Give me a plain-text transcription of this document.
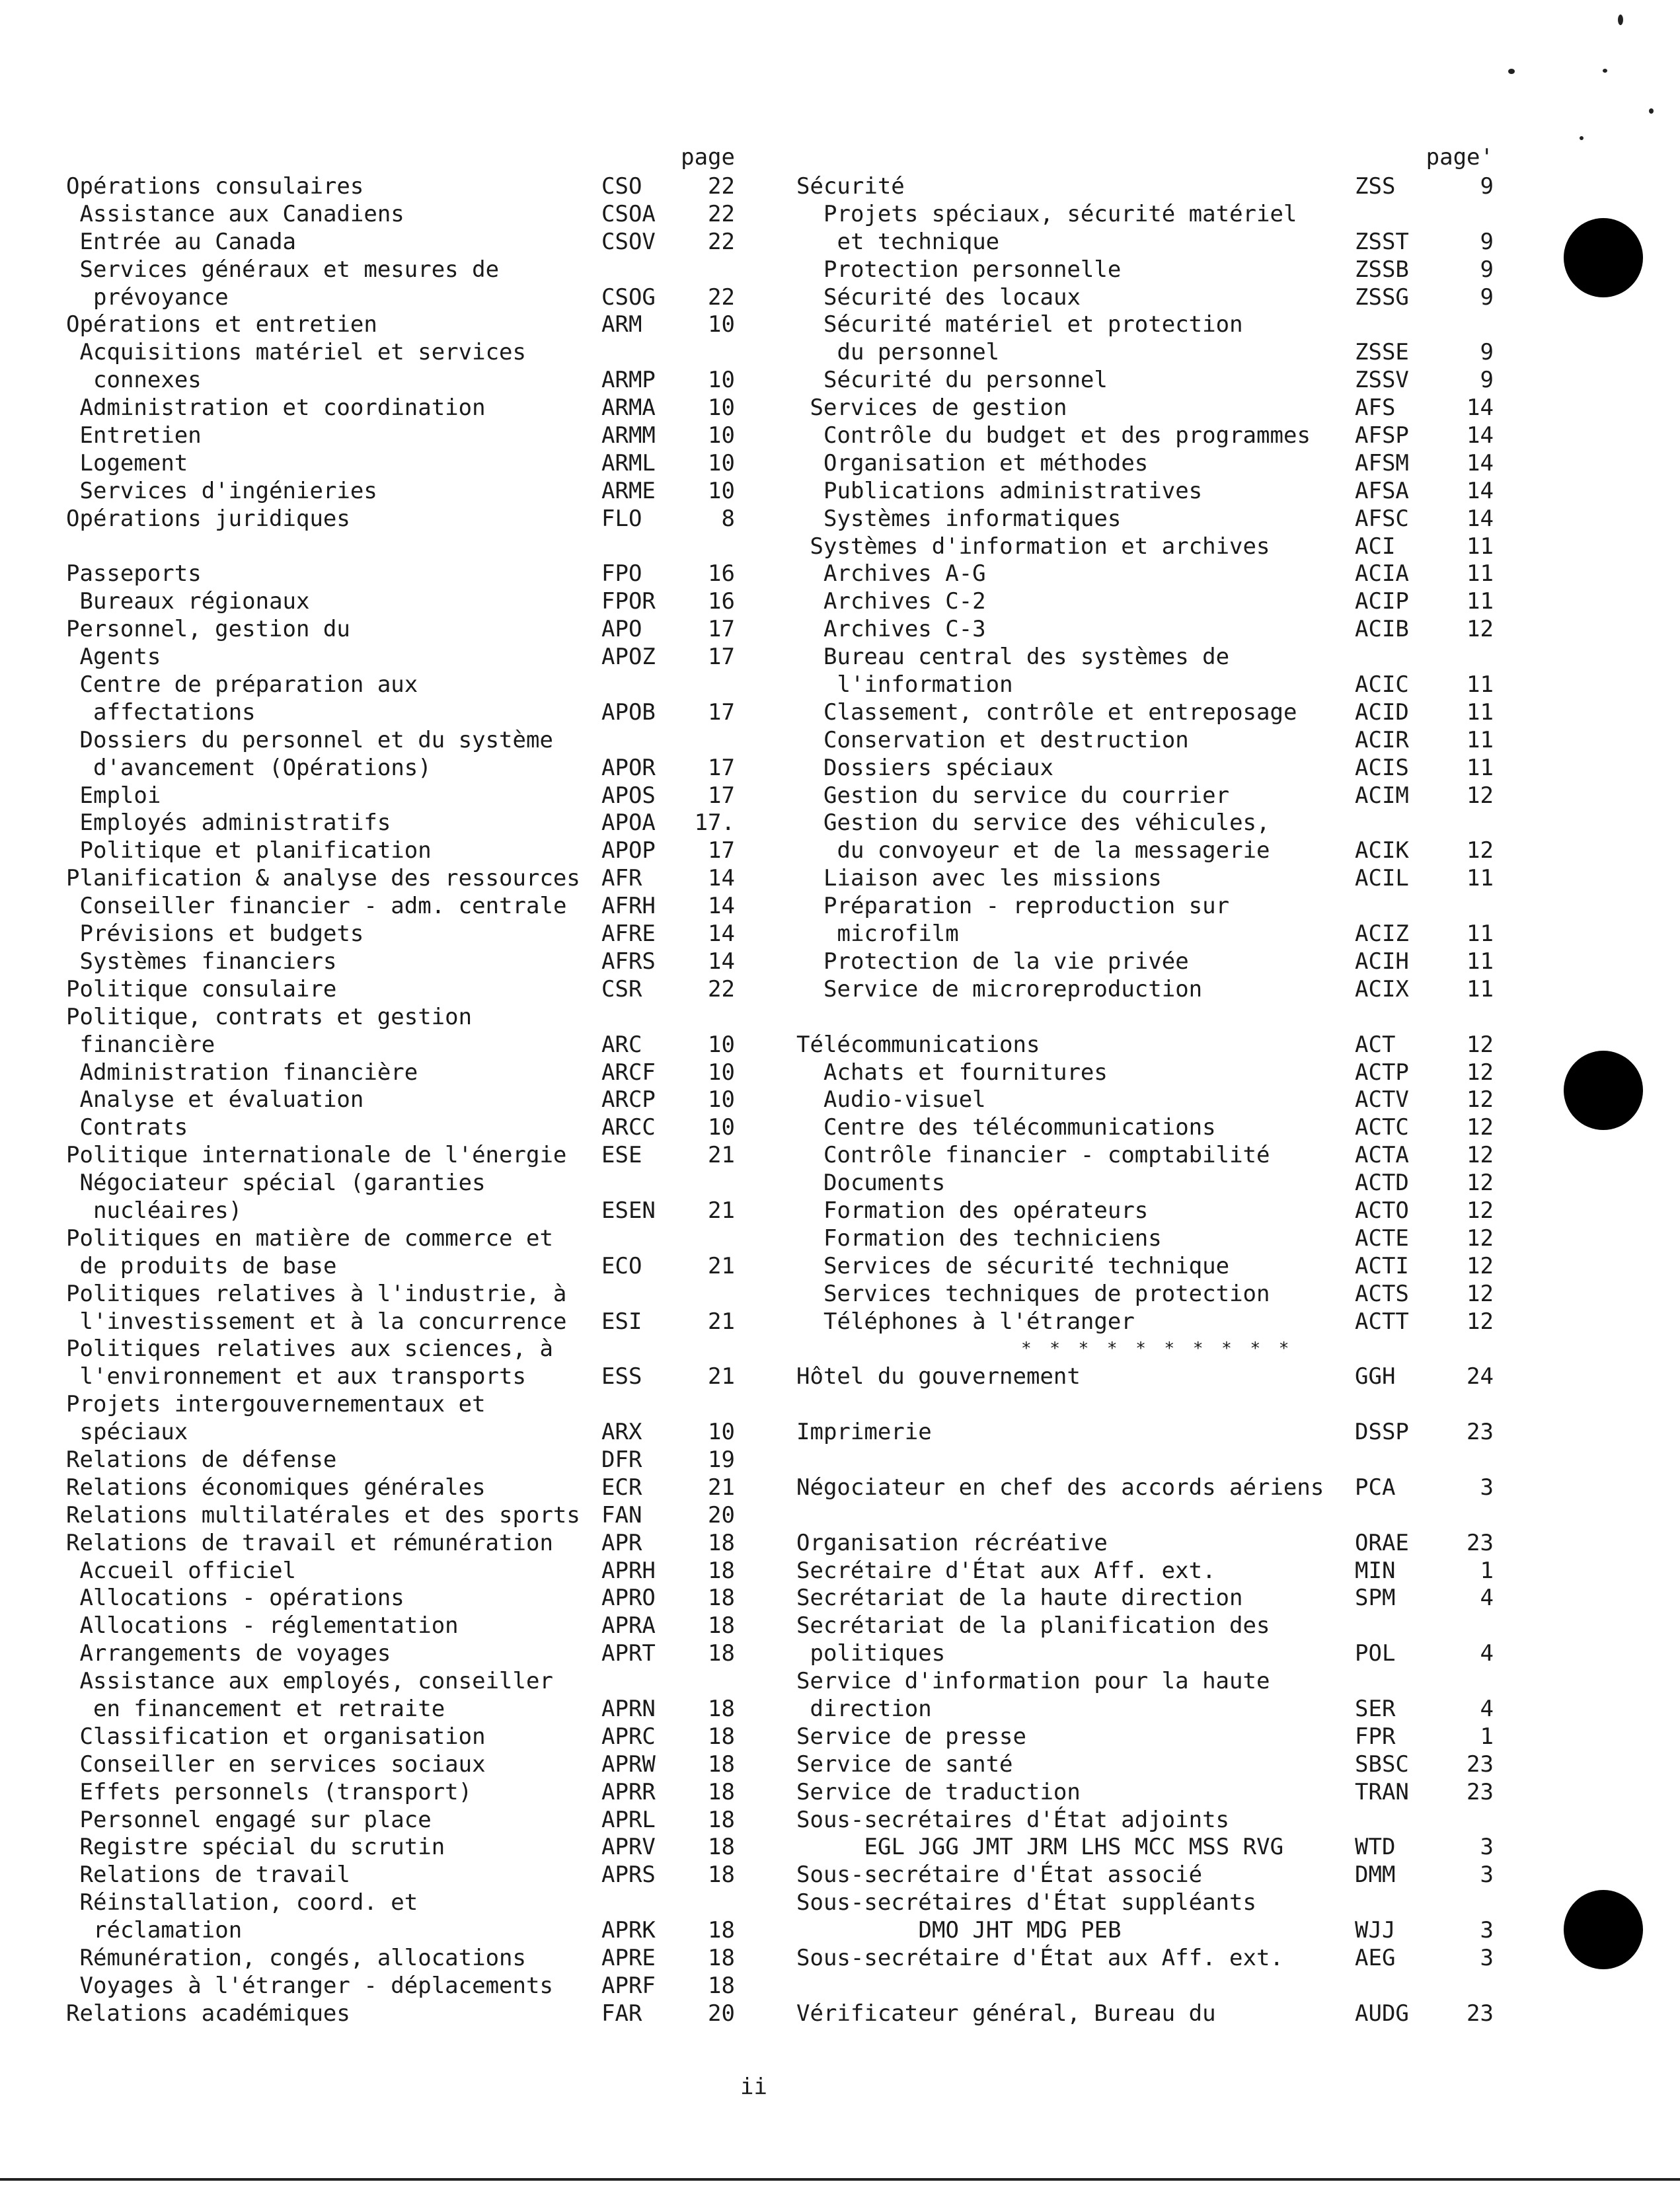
page
Opérations consulaires	CSO	22
Assistance aux Canadiens	CSOA	22
Entrée au Canada	CSOV	22
Services généraux et mesures de
prévoyance	CSOG	22
Opérations et entretien	ARM	10
Acquisitions matériel et services
connexes	ARMP	10
Administration et coordination	ARMA	10
Entretien	ARMM	10
Logement	ARML	10
Services d'ingénieries	ARME	10
Opérations juridiques	FLO	8
Passeports	FPO	16
Bureaux régionaux	FPOR	16
Personnel, gestion du	APO	17
Agents	APOZ	17
Centre de préparation aux
affectations	APOB	17
Dossiers du personnel et du système
d'avancement (Opérations)	APOR	17
Emploi	APOS	17
Employés administratifs	APOA	17.
Politique et planification	APOP	17
Planification & analyse des ressources AFR	14
Conseiller financier - adm. centrale AFRH	14
Prévisions et budgets	AFRE	14
Systèmes financiers	AFRS	14
Politique consulaire	CSR	22
Politique, contrats et gestion
financière	ARC	10
Administration financière	ARCF	10
Analyse et évaluation	ARCP	10
Contrats	ARCC	10
Politique internationale de l'énergie ESE	21
Négociateur spécial (garanties
nucléaires)	ESEN	21
Politiques en matière de commerce et
de produits de base	ECO	21
Politiques relatives à l'industrie, à
l'investissement et à la concurrence ESI	21
Politiques relatives aux sciences, à
l'environnement et aux transports	ESS	21
Projets intergouvernementaux et
spéciaux	ARX	10
Relations de défense	DFR	19
Relations économiques générales	ECR	21
Relations multilatérales et des sports FAN	20
Relations de travail et rémunération APR	18
Accueil officiel	APRH	18
Allocations - opérations	APRO	18
Allocations - réglementation	APRA	18
Arrangements de voyages	APRT	18
Assistance aux employés, conseiller
en financement et retraite	APRN	18
Classification et organisation	APRC	18
Conseiller en services sociaux	APRW	18
Effets personnels (transport)	APRR	18
Personnel engagé sur place	APRL	18
Registre spécial du scrutin	APRV	18
Relations de travail	APRS	18
Réinstallation, coord. et
réclamation	APRK	18
Rémunération, congés, allocations	APRE	18
Voyages à l'étranger - déplacements APRF	18
Relations académiques	FAR	20
page'
Sécurité	ZSS	9
Projets spéciaux, sécurité matériel
et technique	ZSST	9
Protection personnelle	ZSSB	9
Sécurité des locaux	ZSSG	9
Sécurité matériel et protection
du personnel	ZSSE	9
Sécurité du personnel	ZSSV	9
Services de gestion	AFS	14
Contrôle du budget et des programmes AFSP	14
Organisation et méthodes	AFSM	14
Publications administratives	AFSA	14
Systèmes informatiques	AFSC	14
Systèmes d'information et archives	ACI	11
Archives A-G	ACIA	11
Archives C-2	ACIP	11
Archives C-3	ACIB	12
Bureau central des systèmes de
l'information	ACIC	11
Classement, contrôle et entreposage	ACID	11
Conservation et destruction	ACIR	11
Dossiers spéciaux	ACIS	11
Gestion du service du courrier	ACIM	12
Gestion du service des véhicules,
du convoyeur et de la messagerie	ACIK	12
Liaison avec les missions	ACIL	11
Préparation - reproduction sur
microfilm	ACIZ	11
Protection de la vie privée	ACIH	11
Service de microreproduction	ACIX	11
Télécommunications	ACT	12
Achats et fournitures	ACTP	12
Audio-visuel	ACTV	12
Centre des télécommunications	ACTC	12
Contrôle financier - comptabilité	ACTA	12
Documents	ACTD	12
Formation des opérateurs	ACTO	12
Formation des techniciens	ACTE	12
Services de sécurité technique	ACTI	12
Services techniques de protection	ACTS	12
Téléphones à l'étranger	ACTT	12
* * * * * * * * * *
Hôtel du gouvernement	GGH	24
Imprimerie	DSSP	23
Négociateur en chef des accords aériens PCA	3
Organisation récréative	ORAE	23
Secrétaire d'État aux Aff. ext.	MIN	1
Secrétariat de la haute direction	SPM	4
Secrétariat de la planification des
politiques	POL	4
Service d'information pour la haute
direction	SER	4
Service de presse	FPR	1
Service de santé	SBSC	23
Service de traduction	TRAN	23
Sous-secrétaires d'État adjoints
EGL JGG JMT JRM LHS MCC MSS RVG	WTD	3
Sous-secrétaire d'État associé	DMM	3
Sous-secrétaires d'État suppléants
DMO JHT MDG PEB	WJJ	3
Sous-secrétaire d'État aux Aff. ext.	AEG	3
Vérificateur général, Bureau du	AUDG	23
ii
